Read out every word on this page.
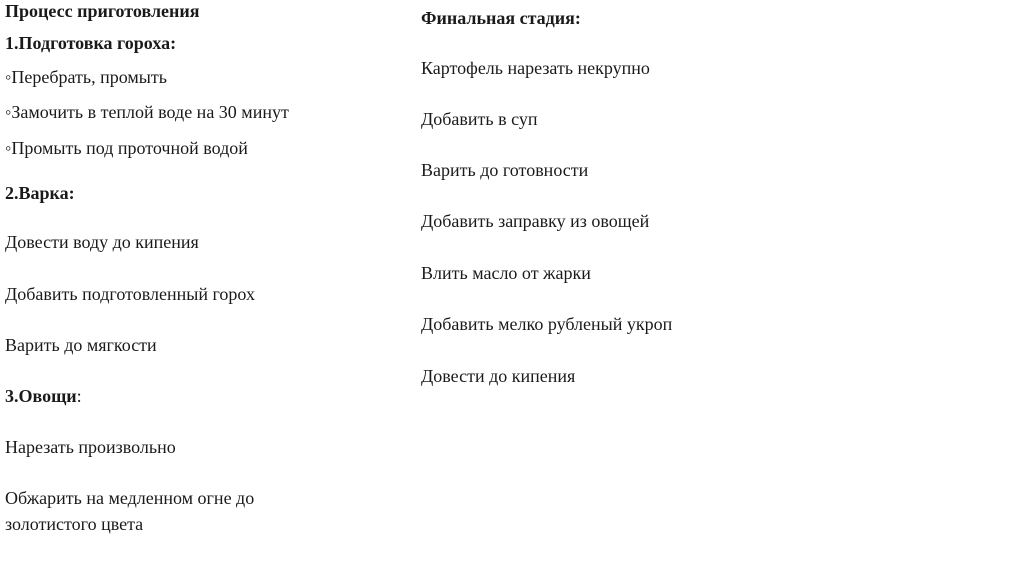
Процесс приготовления
1.Подготовка гороха:
◦Перебрать, промыть
◦Замочить в теплой воде на 30 минут
◦Промыть под проточной водой
2.Варка:
Довести воду до кипения
Добавить подготовленный горох
Варить до мягкости
3.Овощи:
Нарезать произвольно
Обжарить на медленном огне до золотистого цвета
Финальная стадия:
Картофель нарезать некрупно
Добавить в суп
Варить до готовности
Добавить заправку из овощей
Влить масло от жарки
Добавить мелко рубленый укроп
Довести до кипения
